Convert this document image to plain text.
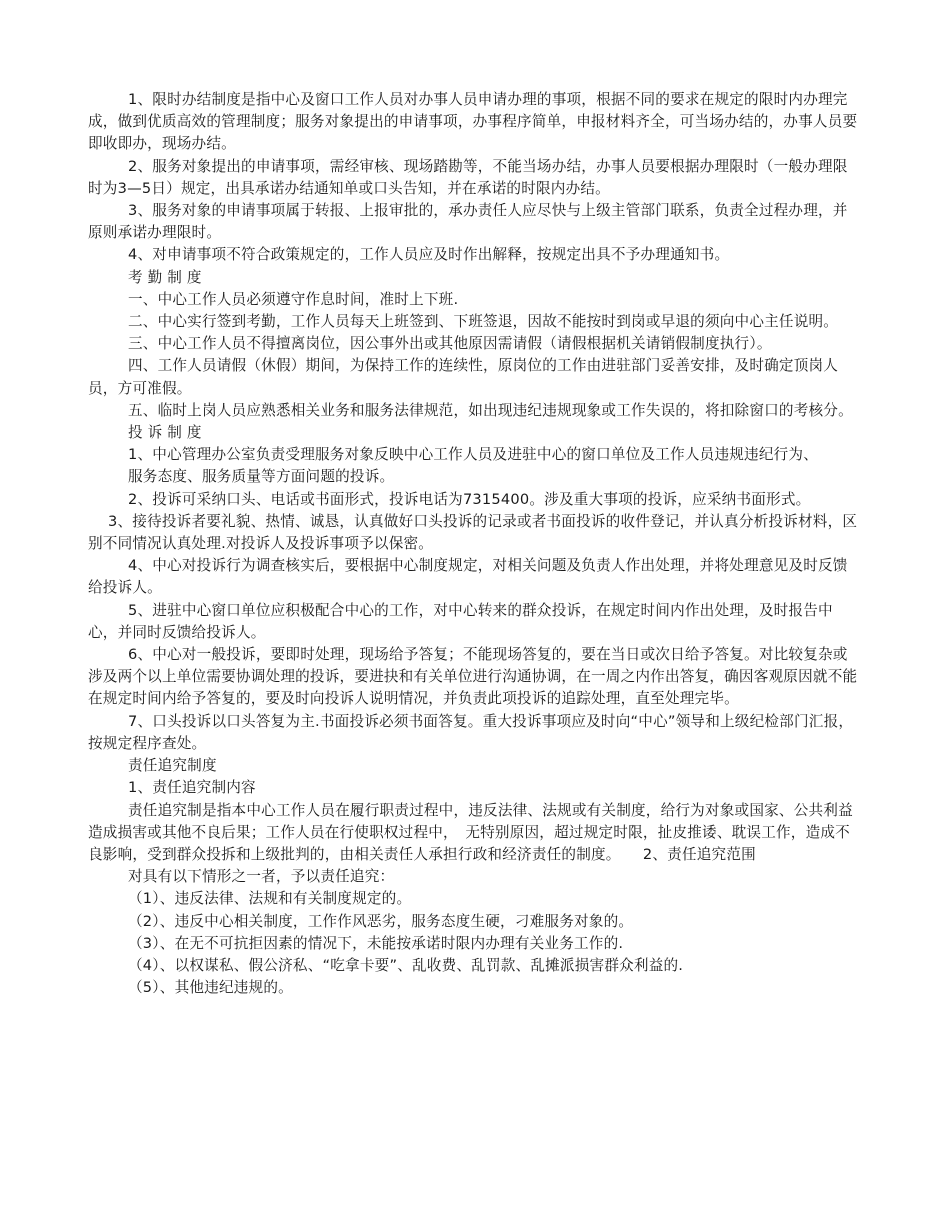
1、限时办结制度是指中心及窗口工作人员对办事人员申请办理的事项，根据不同的要求在规定的限时内办理完成，做到优质高效的管理制度；服务对象提出的申请事项，办事程序简单，申报材料齐全，可当场办结的，办事人员要即收即办，现场办结。

2、服务对象提出的申请事项，需经审核、现场踏勘等，不能当场办结，办事人员要根据办理限时（一般办理限时为3—5日）规定，出具承诺办结通知单或口头告知，并在承诺的时限内办结。

3、服务对象的申请事项属于转报、上报审批的，承办责任人应尽快与上级主管部门联系，负责全过程办理，并原则承诺办理限时。

4、对申请事项不符合政策规定的，工作人员应及时作出解释，按规定出具不予办理通知书。

考 勤 制 度

一、中心工作人员必须遵守作息时间，准时上下班.

二、中心实行签到考勤，工作人员每天上班签到、下班签退，因故不能按时到岗或早退的须向中心主任说明。

三、中心工作人员不得擅离岗位，因公事外出或其他原因需请假（请假根据机关请销假制度执行）。

四、工作人员请假（休假）期间，为保持工作的连续性，原岗位的工作由进驻部门妥善安排，及时确定顶岗人员，方可准假。

五、临时上岗人员应熟悉相关业务和服务法律规范，如出现违纪违规现象或工作失误的，将扣除窗口的考核分。

投 诉 制 度

1、中心管理办公室负责受理服务对象反映中心工作人员及进驻中心的窗口单位及工作人员违规违纪行为、

服务态度、服务质量等方面问题的投诉。

2、投诉可采纳口头、电话或书面形式，投诉电话为7315400。涉及重大事项的投诉，应采纳书面形式。

3、接待投诉者要礼貌、热情、诚恳，认真做好口头投诉的记录或者书面投诉的收件登记，并认真分析投诉材料，区别不同情况认真处理.对投诉人及投诉事项予以保密。

4、中心对投诉行为调查核实后，要根据中心制度规定，对相关问题及负责人作出处理，并将处理意见及时反馈给投诉人。

5、进驻中心窗口单位应积极配合中心的工作，对中心转来的群众投诉，在规定时间内作出处理，及时报告中心，并同时反馈给投诉人。

6、中心对一般投诉，要即时处理，现场给予答复；不能现场答复的，要在当日或次日给予答复。对比较复杂或涉及两个以上单位需要协调处理的投诉，要进抉和有关单位进行沟通协调，在一周之内作出答复，确因客观原因就不能在规定时间内给予答复的，要及时向投诉人说明情况，并负责此项投诉的追踪处理，直至处理完毕。

7、口头投诉以口头答复为主.书面投诉必须书面答复。重大投诉事项应及时向“中心”领导和上级纪检部门汇报，按规定程序查处。

责任追究制度

1、责任追究制内容

责任追究制是指本中心工作人员在履行职责过程中，违反法律、法规或有关制度，给行为对象或国家、公共利益造成损害或其他不良后果；工作人员在行使职权过程中，　无特别原因，超过规定时限，扯皮推诿、耽误工作，造成不良影响，受到群众投拆和上级批判的，由相关责任人承担行政和经济责任的制度。　　2、责任追究范围

对具有以下情形之一者，予以责任追究：

（1）、违反法律、法规和有关制度规定的。

（2）、违反中心相关制度，工作作风恶劣，服务态度生硬，刁难服务对象的。

（3）、在无不可抗拒因素的情况下，未能按承诺时限内办理有关业务工作的.

（4）、以权谋私、假公济私、“吃拿卡要”、乱收费、乱罚款、乱摊派损害群众利益的.

（5）、其他违纪违规的。
